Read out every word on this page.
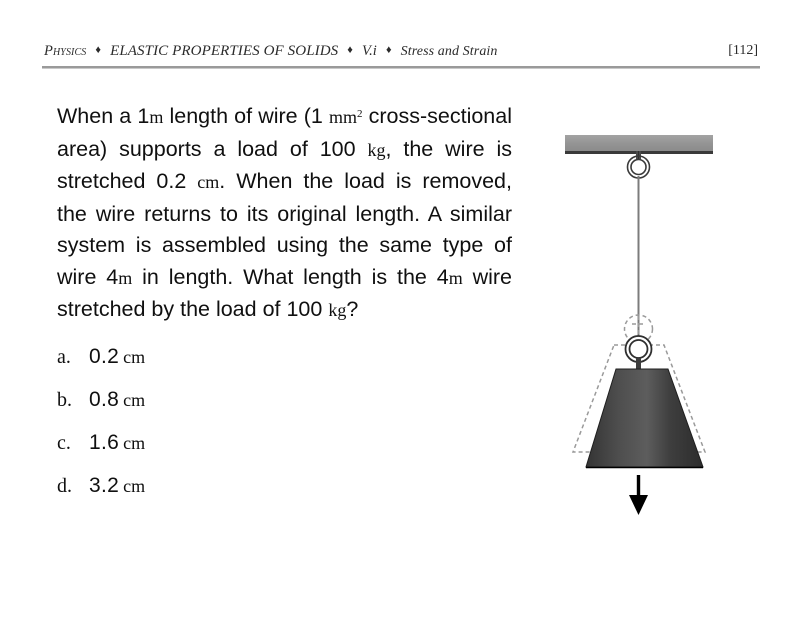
Physics ♦ ELASTIC PROPERTIES OF SOLIDS ♦ V.i ♦ Stress and Strain	[112]
When a 1m length of wire (1 $mm^2$ cross-sectional
area) supports a load of 100 kg, the wire is
stretched 0.2 cm. When the load is removed,
the wire returns to its original length. A similar
system is assembled using the same type of
wire 4m in length. What length is the 4m wire
stretched by the load of 100 kg?
a. 0.2 cm
b. 0.8 cm
c. 1.6 cm
d. 3.2 cm
